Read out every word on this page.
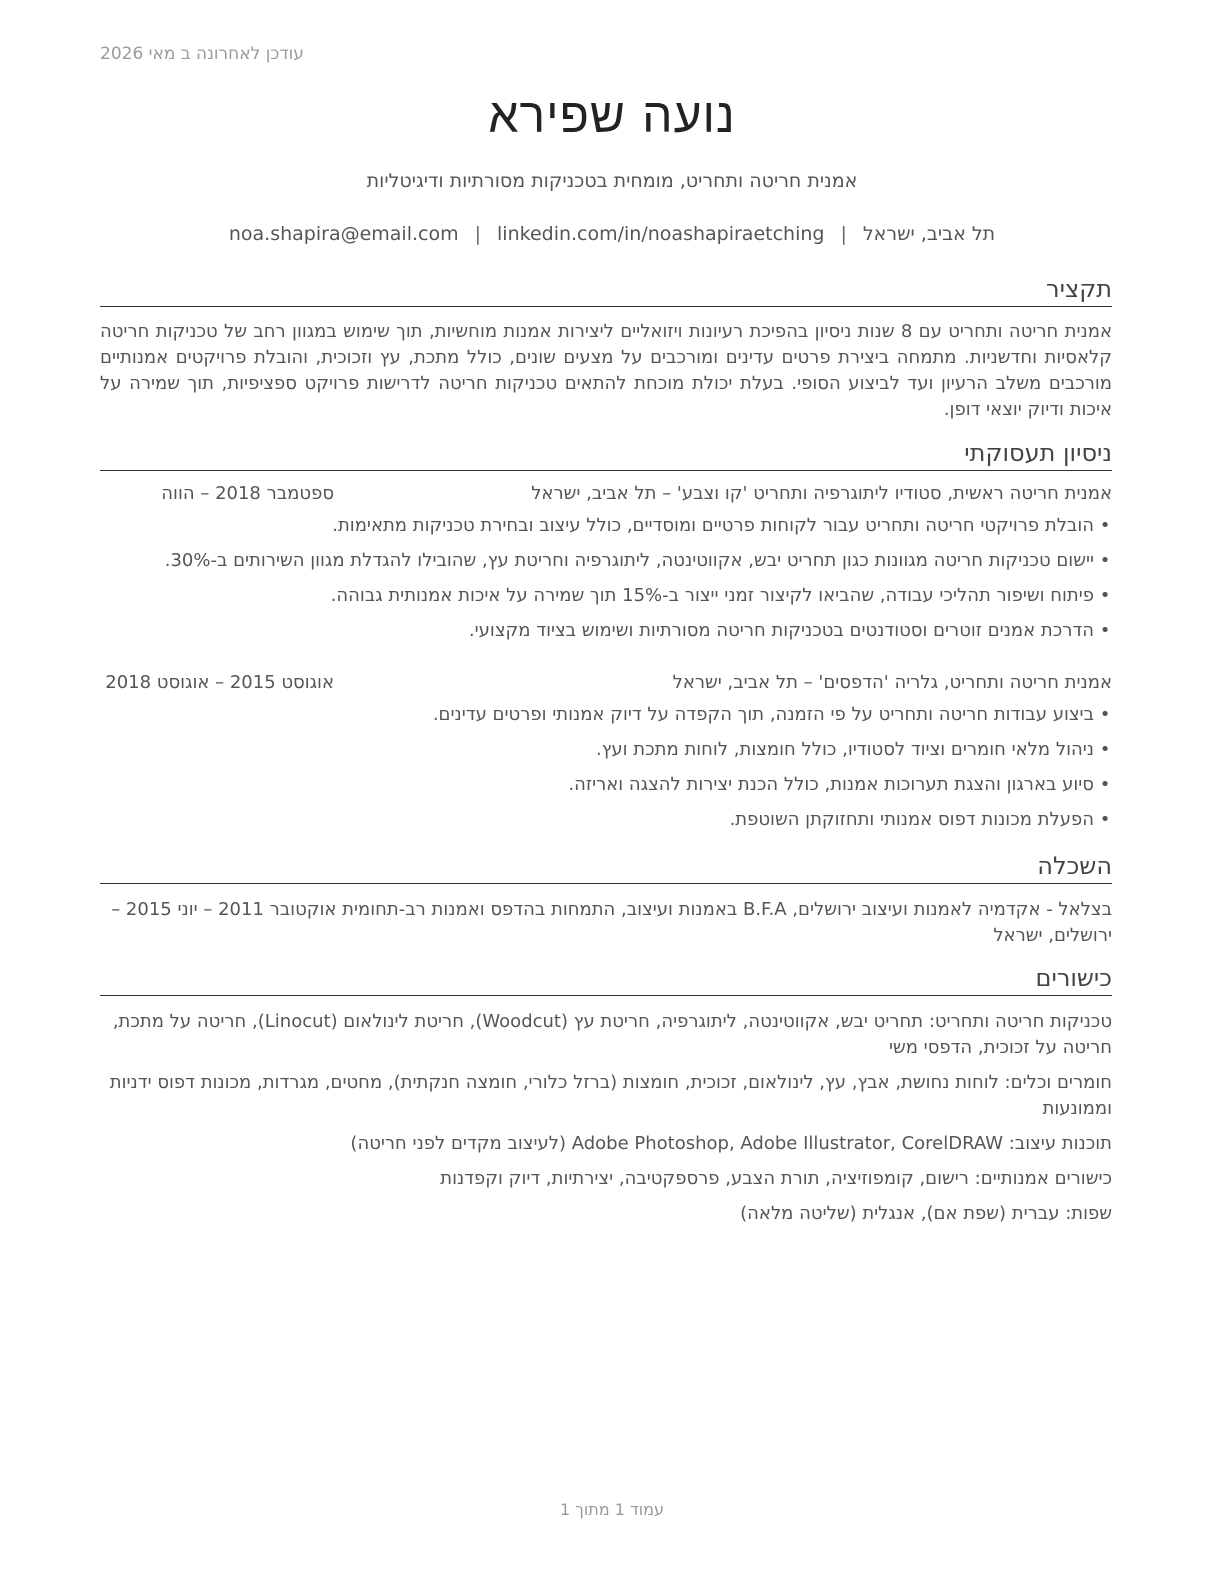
עודכן לאחרונה ב מאי 2026
נועה שפירא
אמנית חריטה ותחריט, מומחית בטכניקות מסורתיות ודיגיטליות
תל אביב, ישראל|noa.shapira@email.com | linkedin.com/in/noashapiraetching
תקציר
אמנית חריטה ותחריט עם 8 שנות ניסיון בהפיכת רעיונות ויזואליים ליצירות אמנות מוחשיות, תוך שימוש במגוון רחב של טכניקות חריטה קלאסיות וחדשניות. מתמחה ביצירת פרטים עדינים ומורכבים על מצעים שונים, כולל מתכת, עץ וזכוכית, והובלת פרויקטים אמנותיים מורכבים משלב הרעיון ועד לביצוע הסופי. בעלת יכולת מוכחת להתאים טכניקות חריטה לדרישות פרויקט ספציפיות, תוך שמירה על איכות ודיוק יוצאי דופן.
ניסיון תעסוקתי
אמנית חריטה ראשית, סטודיו ליתוגרפיה ותחריט 'קו וצבע' – תל אביב, ישראל
ספטמבר 2018 – הווה
•הובלת פרויקטי חריטה ותחריט עבור לקוחות פרטיים ומוסדיים, כולל עיצוב ובחירת טכניקות מתאימות.
•יישום טכניקות חריטה מגוונות כגון תחריט יבש, אקווטינטה, ליתוגרפיה וחריטת עץ, שהובילו להגדלת מגוון השירותים ב-30%.
•פיתוח ושיפור תהליכי עבודה, שהביאו לקיצור זמני ייצור ב-15% תוך שמירה על איכות אמנותית גבוהה.
•הדרכת אמנים זוטרים וסטודנטים בטכניקות חריטה מסורתיות ושימוש בציוד מקצועי.
אמנית חריטה ותחריט, גלריה 'הדפסים' – תל אביב, ישראל
אוגוסט 2015 – אוגוסט 2018
•ביצוע עבודות חריטה ותחריט על פי הזמנה, תוך הקפדה על דיוק אמנותי ופרטים עדינים.
•ניהול מלאי חומרים וציוד לסטודיו, כולל חומצות, לוחות מתכת ועץ.
•סיוע בארגון והצגת תערוכות אמנות, כולל הכנת יצירות להצגה ואריזה.
•הפעלת מכונות דפוס אמנותי ותחזוקתן השוטפת.
השכלה
בצלאל - אקדמיה לאמנות ועיצוב ירושלים, B.F.A באמנות ועיצוב, התמחות בהדפס ואמנות רב-תחומית אוקטובר 2011 – יוני 2015 – ירושלים, ישראל
כישורים
טכניקות חריטה ותחריט: תחריט יבש, אקווטינטה, ליתוגרפיה, חריטת עץ (Woodcut), חריטת לינולאום (Linocut), חריטה על מתכת, חריטה על זכוכית, הדפסי משי
חומרים וכלים: לוחות נחושת, אבץ, עץ, לינולאום, זכוכית, חומצות (ברזל כלורי, חומצה חנקתית), מחטים, מגרדות, מכונות דפוס ידניות וממונעות
תוכנות עיצוב: Adobe Photoshop, Adobe Illustrator, CorelDRAW (לעיצוב מקדים לפני חריטה)
כישורים אמנותיים: רישום, קומפוזיציה, תורת הצבע, פרספקטיבה, יצירתיות, דיוק וקפדנות
שפות: עברית (שפת אם), אנגלית (שליטה מלאה)
עמוד 1 מתוך 1
